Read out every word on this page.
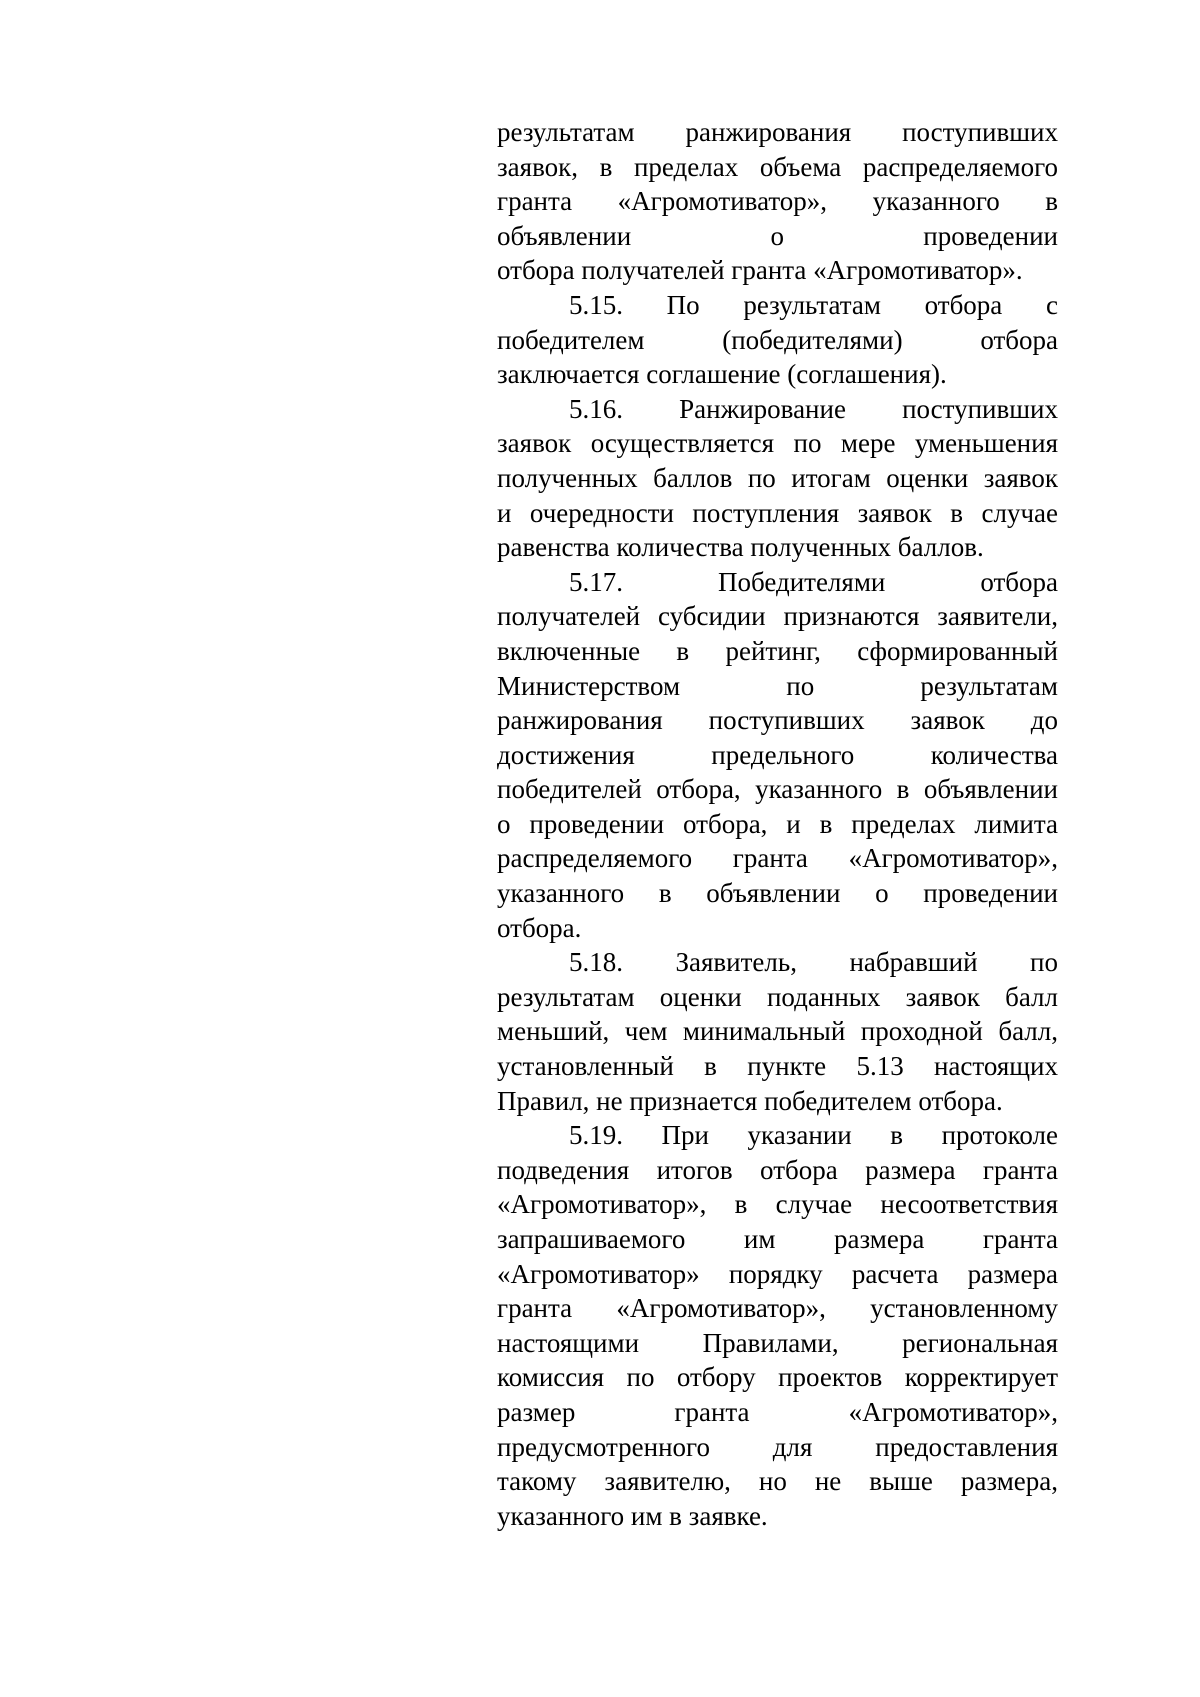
результатам ранжирования поступивших
заявок, в пределах объема распределяемого
гранта «Агромотиватор», указанного в
объявлении о проведении
отбора получателей гранта «Агромотиватор».
5.15. По результатам отбора с
победителем (победителями) отбора
заключается соглашение (соглашения).
5.16. Ранжирование поступивших
заявок осуществляется по мере уменьшения
полученных баллов по итогам оценки заявок
и очередности поступления заявок в случае
равенства количества полученных баллов.
5.17.	Победителями	отбора
получателей субсидии признаются заявители,
включенные в рейтинг, сформированный
Министерством по результатам
ранжирования поступивших заявок до
достижения предельного количества
победителей отбора, указанного в объявлении
о проведении отбора, и в пределах лимита
распределяемого гранта «Агромотиватор»,
указанного в объявлении о проведении
отбора.
5.18. Заявитель, набравший по
результатам оценки поданных заявок балл
меньший, чем минимальный проходной балл,
установленный в пункте 5.13 настоящих
Правил, не признается победителем отбора.
5.19. При указании в протоколе
подведения итогов отбора размера гранта
«Агромотиватор», в случае несоответствия
запрашиваемого им размера гранта
«Агромотиватор» порядку расчета размера
гранта «Агромотиватор», установленному
настоящими Правилами, региональная
комиссия по отбору проектов корректирует
размер гранта «Агромотиватор»,
предусмотренного для предоставления
такому заявителю, но не выше размера,
указанного им в заявке.
